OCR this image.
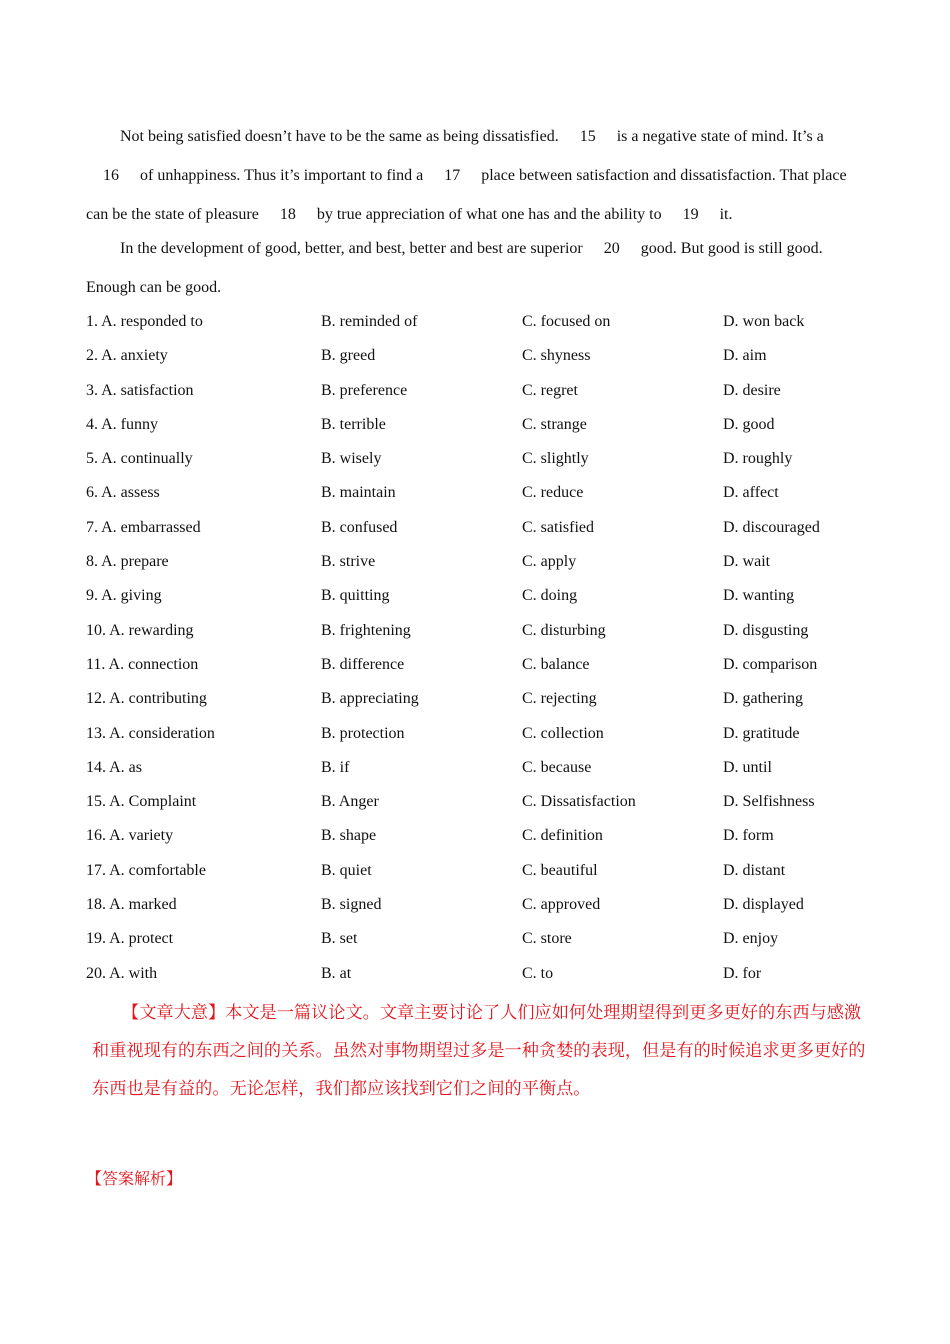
Not being satisfied doesn’t have to be the same as being dissatisfied. 15 is a negative state of mind. It’s a 16 of unhappiness. Thus it’s important to find a 17 place between satisfaction and dissatisfaction. That place can be the state of pleasure 18 by true appreciation of what one has and the ability to 19 it.

In the development of good, better, and best, better and best are superior 20 good. But good is still good. Enough can be good.

1. A. responded to	B. reminded of	C. focused on	D. won back
2. A. anxiety	B. greed	C. shyness	D. aim
3. A. satisfaction	B. preference	C. regret	D. desire
4. A. funny	B. terrible	C. strange	D. good
5. A. continually	B. wisely	C. slightly	D. roughly
6. A. assess	B. maintain	C. reduce	D. affect
7. A. embarrassed	B. confused	C. satisfied	D. discouraged
8. A. prepare	B. strive	C. apply	D. wait
9. A. giving	B. quitting	C. doing	D. wanting
10. A. rewarding	B. frightening	C. disturbing	D. disgusting
11. A. connection	B. difference	C. balance	D. comparison
12. A. contributing	B. appreciating	C. rejecting	D. gathering
13. A. consideration	B. protection	C. collection	D. gratitude
14. A. as	B. if	C. because	D. until
15. A. Complaint	B. Anger	C. Dissatisfaction	D. Selfishness
16. A. variety	B. shape	C. definition	D. form
17. A. comfortable	B. quiet	C. beautiful	D. distant
18. A. marked	B. signed	C. approved	D. displayed
19. A. protect	B. set	C. store	D. enjoy
20. A. with	B. at	C. to	D. for

【文章大意】本文是一篇议论文。文章主要讨论了人们应如何处理期望得到更多更好的东西与感激和重视现有的东西之间的关系。虽然对事物期望过多是一种贪婪的表现，但是有的时候追求更多更好的东西也是有益的。无论怎样，我们都应该找到它们之间的平衡点。

【答案解析】
